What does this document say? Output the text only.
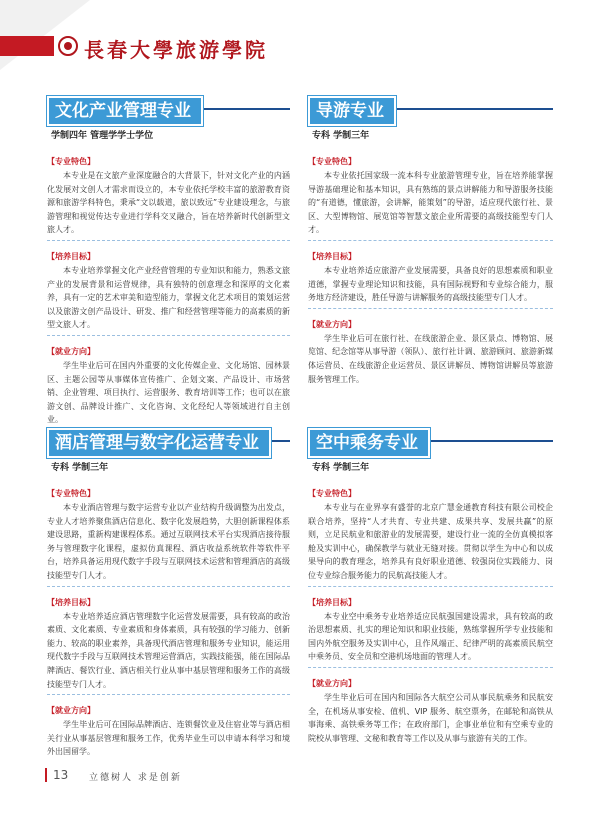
長春大學旅游學院
文化产业管理专业
学制四年 管理学学士学位
【专业特色】

本专业是在文旅产业深度融合的大背景下，针对文化产业的内涵化发展对文创人才需求而设立的，本专业依托学校丰富的旅游教育资源和旅游学科特色，秉承“文以载道，旅以致远”专业建设理念，与旅游管理和视觉传达专业进行学科交叉融合，旨在培养新时代创新型文旅人才。

【培养目标】

本专业培养掌握文化产业经营管理的专业知识和能力，熟悉文旅产业的发展背景和运营规律，具有独特的创意理念和深厚的文化素养，具有一定的艺术审美和造型能力，掌握文化艺术项目的策划运营以及旅游文创产品设计、研发、推广和经营管理等能力的高素质的新型文旅人才。

【就业方向】

学生毕业后可在国内外重要的文化传媒企业、文化场馆、园林景区、主题公园等从事媒体宣传推广、企划文案、产品设计、市场营销、企业管理、项目执行、运营服务、教育培训等工作；也可以在旅游文创、品牌设计推广、文化咨询、文化经纪人等领域进行自主创业。

导游专业
专科 学制三年
【专业特色】

本专业依托国家级一流本科专业旅游管理专业，旨在培养能掌握导游基础理论和基本知识，具有熟练的景点讲解能力和导游服务技能的“有道德，懂旅游，会讲解，能策划”的导游，适应现代旅行社、景区、大型博物馆、展览馆等智慧文旅企业所需要的高级技能型专门人才。

【培养目标】

本专业培养适应旅游产业发展需要，具备良好的思想素质和职业道德，掌握专业理论知识和技能，具有国际视野和专业综合能力，服务地方经济建设，胜任导游与讲解服务的高级技能型专门人才。

【就业方向】

学生毕业后可在旅行社、在线旅游企业、景区景点、博物馆、展览馆、纪念馆等从事导游（领队）、旅行社计调、旅游顾问、旅游新媒体运营员、在线旅游企业运营员、景区讲解员、博物馆讲解员等旅游服务管理工作。

酒店管理与数字化运营专业
专科 学制三年
【专业特色】

本专业酒店管理与数字运营专业以产业结构升级调整为出发点，专业人才培养聚焦酒店信息化、数字化发展趋势，大胆创新课程体系建设思路，重新构建课程体系。通过互联网技术平台实现酒店接待服务与管理数字化课程，虚拟仿真课程、酒店收益系统软件等软件平台，培养具备运用现代数字手段与互联网技术运营和管理酒店的高级技能型专门人才。

【培养目标】

本专业培养适应酒店管理数字化运营发展需要，具有较高的政治素质、文化素质、专业素质和身体素质，具有较强的学习能力、创新能力、较高的职业素养，具备现代酒店管理和服务专业知识，能运用现代数字手段与互联网技术管理运营酒店，实践技能强，能在国际品牌酒店、餐饮行业、酒店相关行业从事中基层管理和服务工作的高级技能型专门人才。

【就业方向】

学生毕业后可在国际品牌酒店、连锁餐饮业及住宿业等与酒店相关行业从事基层管理和服务工作，优秀毕业生可以申请本科学习和境外出国留学。

空中乘务专业
专科 学制三年
【专业特色】

本专业与在业界享有盛誉的北京广慧金通教育科技有限公司校企联合培养，坚持“人才共育、专业共建、成果共享、发展共赢”的原则，立足民航业和旅游业的发展需要，建设行业一流的全仿真模拟客舱及实训中心，确保教学与就业无缝对接。贯彻以学生为中心和以成果导向的教育理念，培养具有良好职业道德、较强岗位实践能力、岗位专业综合服务能力的民航高技能人才。

【培养目标】

本专业空中乘务专业培养适应民航强国建设需求，具有较高的政治思想素质、扎实的理论知识和职业技能，熟练掌握所学专业技能和国内外航空服务及实训中心，且作风端正、纪律严明的高素质民航空中乘务员、安全员和空港机场地面的管理人才。

【就业方向】

学生毕业后可在国内和国际各大航空公司从事民航乘务和民航安全，在机场从事安检、值机、VIP 服务、航空票务，在邮轮和高铁从事海乘、高铁乘务等工作；在政府部门，企事业单位和有空乘专业的院校从事管理、文秘和教育等工作以及从事与旅游有关的工作。

13 立德树人 求是创新
